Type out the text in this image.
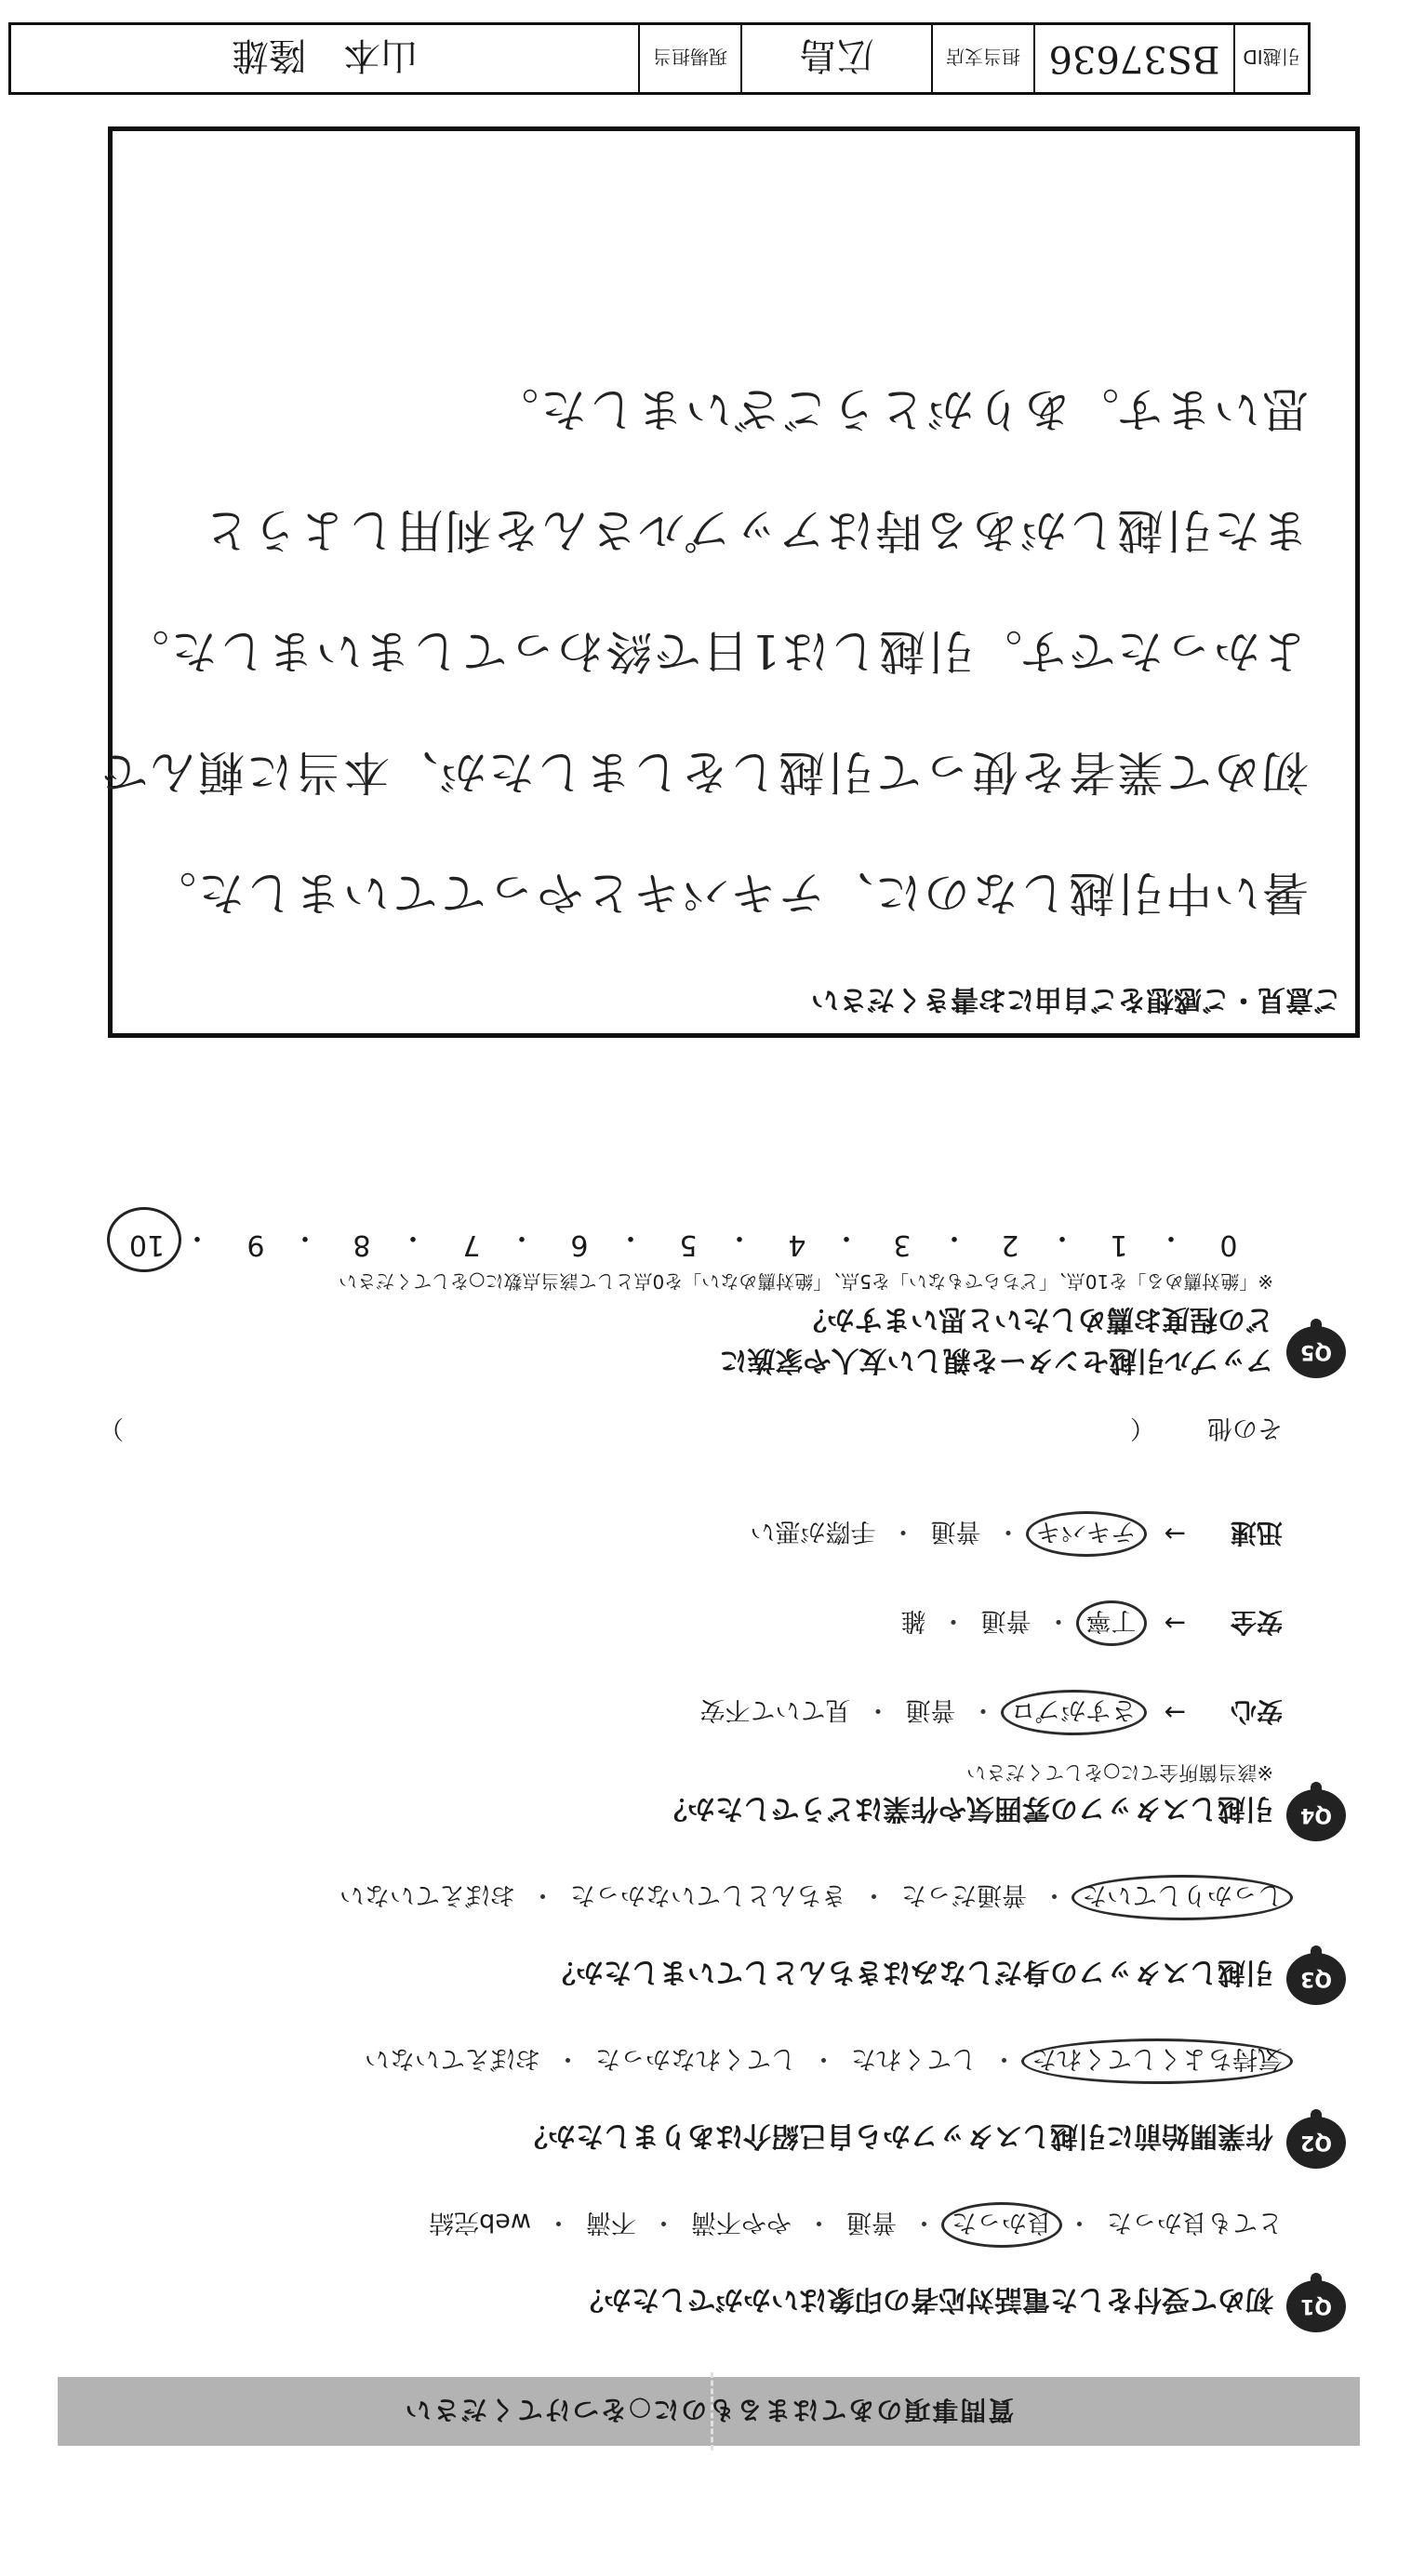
質問事項のあてはまるものに○をつけてください
Q1
初めて受付をした電話対応者の印象はいかがでしたか？
とても良かった
・
良かった
・
普通
・
やや不満
・
不満
・
web完結
Q2
作業開始前に引越しスタッフから自己紹介はありましたか？
気持ちよくしてくれた
・
してくれた
・
してくれなかった
・
おぼえていない
Q3
引越しスタッフの身だしなみはきちんとしていましたか？
しっかりしていた
・
普通だった
・
きちんとしていなかった
・
おぼえていない
Q4
引越しスタッフの雰囲気や作業はどうでしたか？
※該当箇所全てに○をしてください
安心
→
さすがプロ
・
普通
・
見ていて不安
安全
→
丁寧
・
普通
・
雑
迅速
→
テキパキ
・
普通
・
手際が悪い
その他
（
）
Q5
アップル引越センターを親しい友人や家族に
どの程度お薦めしたいと思いますか？
※「絶対薦める」を10点、「どちらでもない」を5点、「絶対薦めない」を0点として該当点数に○をしてください
10	9	8	7	6	5	4	3	2	1	0
・	・	・	・	・	・	・	・	・	・
ご意見・ご感想をご自由にお書きください
暑い中引越しなのに、テキパキとやってていました。
初めて業者を使って引越しをしましたが、本当に頼んで
よかったです。引越しは1日で終わってしまいました。
また引越しがある時はアップルさんを利用しようと
思います。ありがとうございました。
引越ID
BS37636
担当支店
広島
現場担当
山本　隆雄
